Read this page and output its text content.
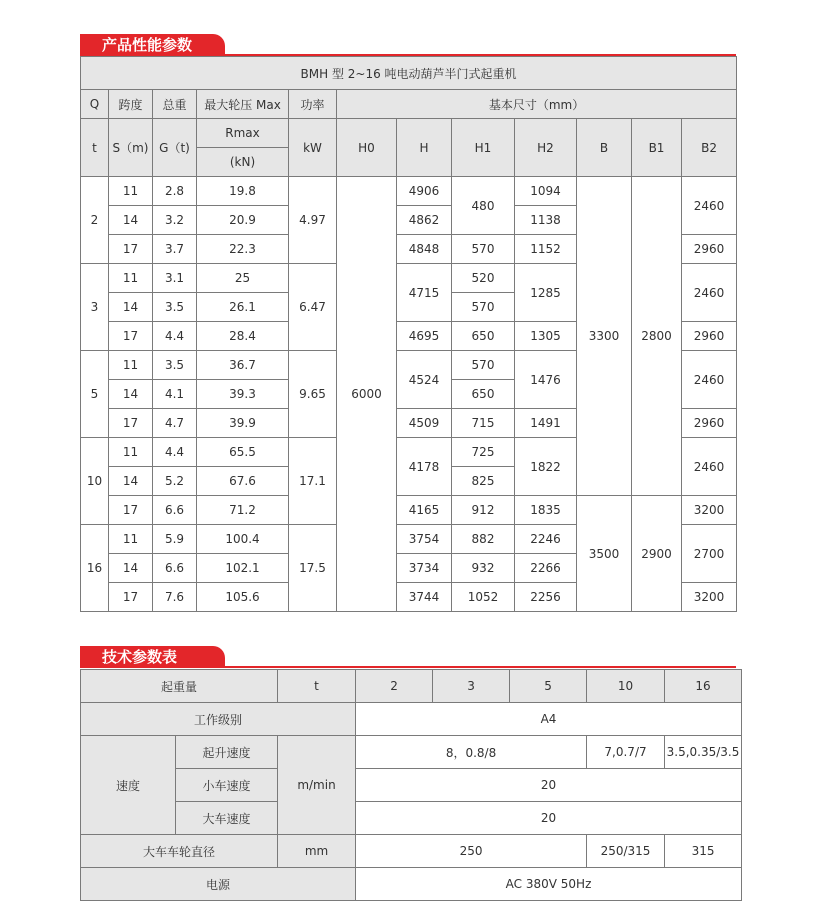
产品性能参数
BMH 型 2~16 吨电动葫芦半门式起重机											
Q	跨度	总重	最大轮压 Max	功率	基本尺寸（mm）						
t	S（m)	G（t)	Rmax	kW	H0	H	H1	H2	B	B1	B2
			(kN)								
2	11	2.8	19.8	4.97	6000	4906	480	1094	3300	2800	2460
	14	3.2	20.9			4862		1138			
	17	3.7	22.3			4848	570	1152			2960
3	11	3.1	25	6.47		4715	520	1285			2460
	14	3.5	26.1				570				
	17	4.4	28.4			4695	650	1305			2960
5	11	3.5	36.7	9.65		4524	570	1476			2460
	14	4.1	39.3				650				
	17	4.7	39.9			4509	715	1491			2960
10	11	4.4	65.5	17.1		4178	725	1822			2460
	14	5.2	67.6				825				
	17	6.6	71.2			4165	912	1835	3500	2900	3200
16	11	5.9	100.4	17.5		3754	882	2246			2700
	14	6.6	102.1			3734	932	2266			
	17	7.6	105.6			3744	1052	2256			3200
技术参数表
起重量		t	2	3	5	10	16
工作级别			A4				
速度	起升速度	m/min	8，0.8/8			7,0.7/7	3.5,0.35/3.5
	小车速度		20				
	大车速度		20				
大车车轮直径		mm	250			250/315	315
电源			AC 380V 50Hz				
